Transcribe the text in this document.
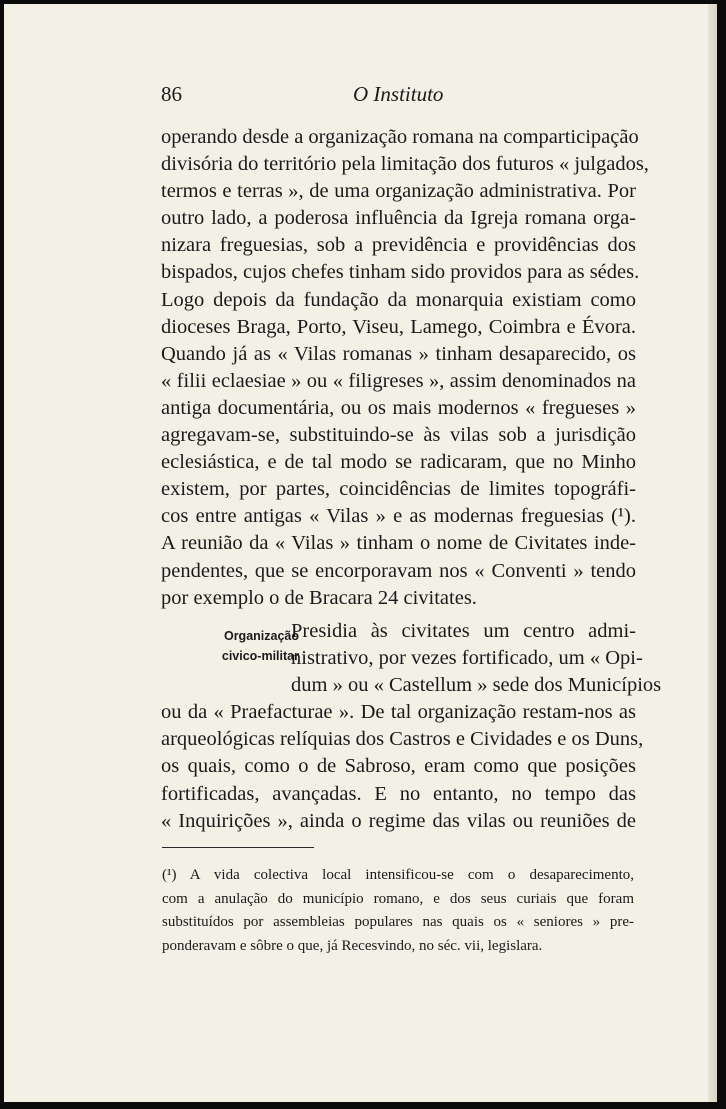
86	O Instituto
operando desde a organização romana na comparticipação
divisória do território pela limitação dos futuros « julgados,
termos e terras », de uma organização administrativa. Por
outro lado, a poderosa influência da Igreja romana orga-
nizara freguesias, sob a previdência e providências dos
bispados, cujos chefes tinham sido providos para as sédes.
Logo depois da fundação da monarquia existiam como
dioceses Braga, Porto, Viseu, Lamego, Coimbra e Évora.
Quando já as « Vilas romanas » tinham desaparecido, os
« filii eclaesiae » ou « filigreses », assim denominados na
antiga documentária, ou os mais modernos « fregueses »
agregavam-se, substituindo-se às vilas sob a jurisdição
eclesiástica, e de tal modo se radicaram, que no Minho
existem, por partes, coincidências de limites topográfi-
cos entre antigas « Vilas » e as modernas freguesias (¹).
A reunião da « Vilas » tinham o nome de Civitates inde-
pendentes, que se encorporavam nos « Conventi » tendo
por exemplo o de Bracara 24 civitates.
Organização
civico-militar
Presidia às civitates um centro admi-
nistrativo, por vezes fortificado, um « Opi-
dum » ou « Castellum » sede dos Municípios
ou da « Praefacturae ». De tal organização restam-nos as
arqueológicas relíquias dos Castros e Cividades e os Duns,
os quais, como o de Sabroso, eram como que posições
fortificadas, avançadas. E no entanto, no tempo das
« Inquirições », ainda o regime das vilas ou reuniões de
(¹) A vida colectiva local intensificou-se com o desaparecimento,
com a anulação do município romano, e dos seus curiais que foram
substituídos por assembleias populares nas quais os « seniores » pre-
ponderavam e sôbre o que, já Recesvindo, no séc. vii, legislara.
